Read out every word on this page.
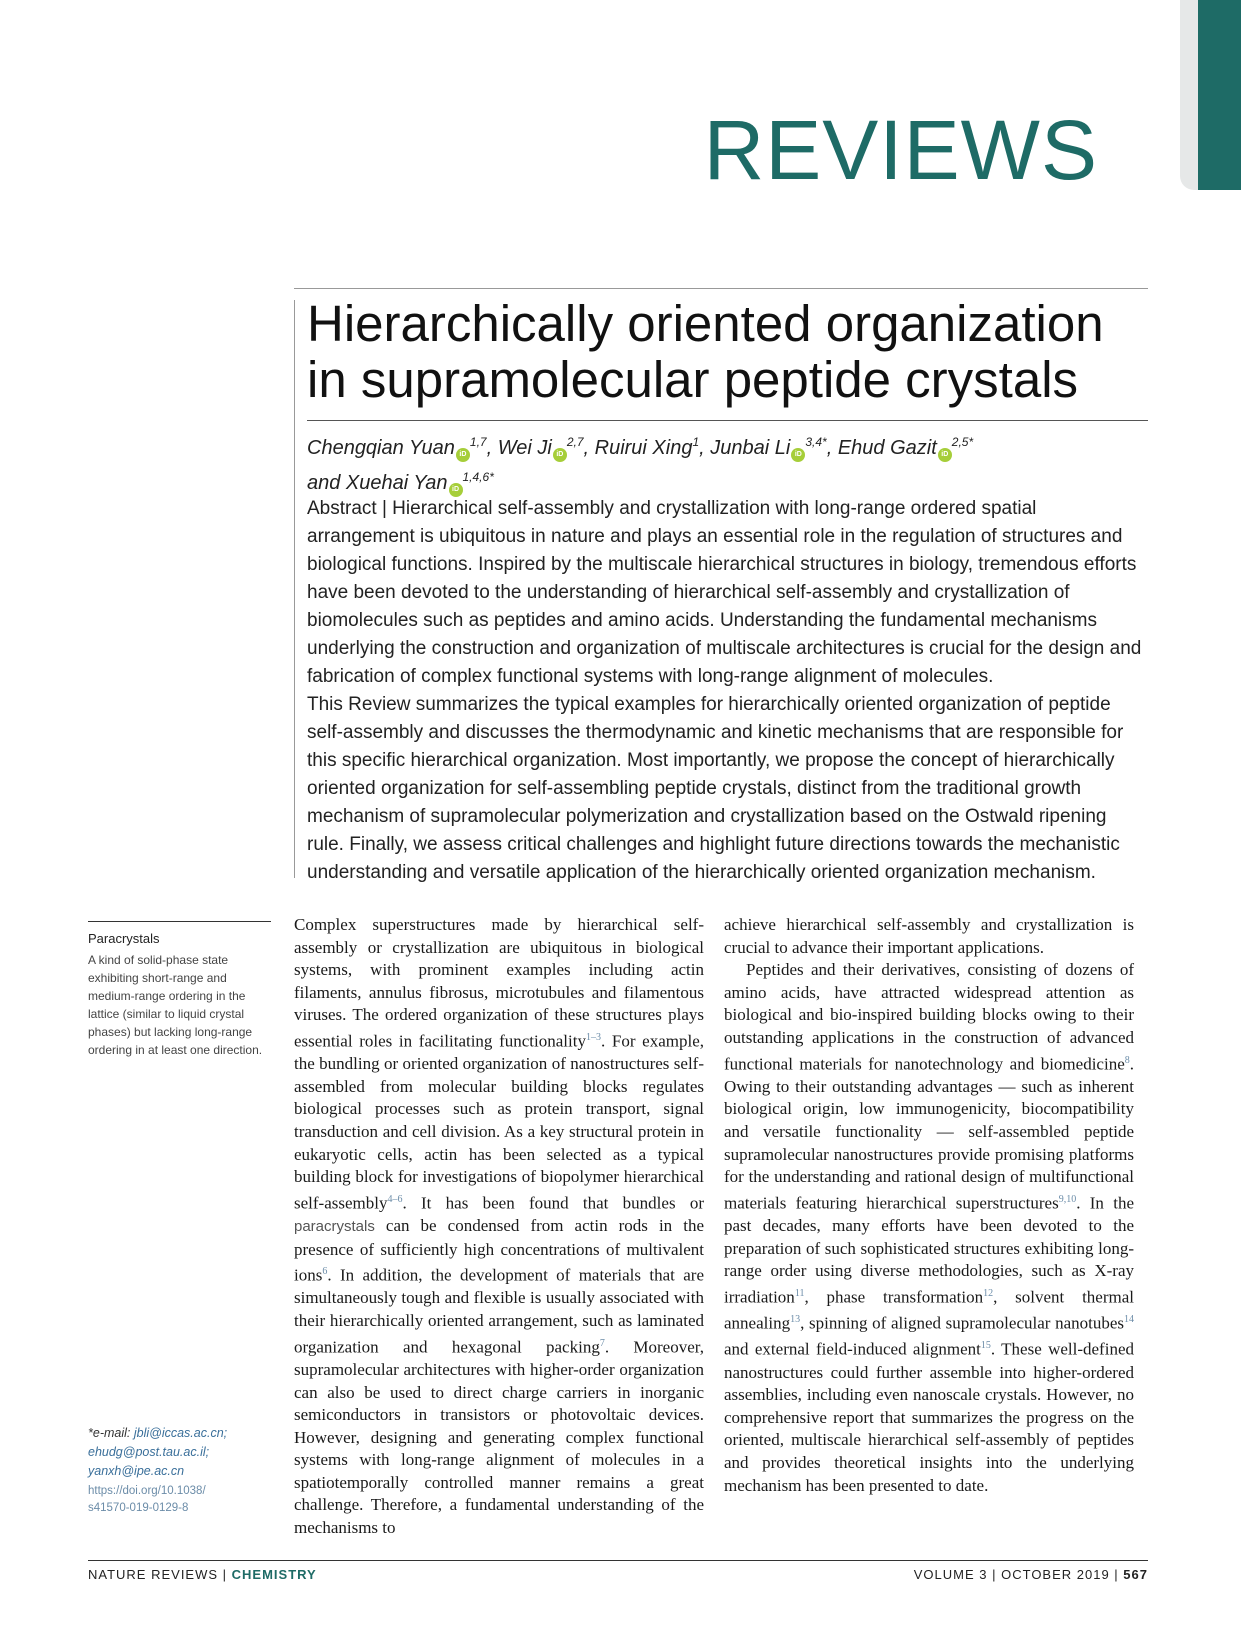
REVIEWS
Hierarchically oriented organization
in supramolecular peptide crystals
Chengqian Yuan iD$^{1,7}$, Wei Ji iD$^{2,7}$, Ruirui Xing$^1$, Junbai Li iD$^{3,4*}$, Ehud Gazit iD$^{2,5*}$
and Xuehai Yan iD$^{1,4,6*}$

Abstract | Hierarchical self-assembly and crystallization with long-range ordered spatial arrangement is ubiquitous in nature and plays an essential role in the regulation of structures and biological functions. Inspired by the multiscale hierarchical structures in biology, tremendous efforts have been devoted to the understanding of hierarchical self-assembly and crystallization of biomolecules such as peptides and amino acids. Understanding the fundamental mechanisms underlying the construction and organization of multiscale architectures is crucial for the design and fabrication of complex functional systems with long-range alignment of molecules.

This Review summarizes the typical examples for hierarchically oriented organization of peptide self-assembly and discusses the thermodynamic and kinetic mechanisms that are responsible for this specific hierarchical organization. Most importantly, we propose the concept of hierarchically oriented organization for self-assembling peptide crystals, distinct from the traditional growth mechanism of supramolecular polymerization and crystallization based on the Ostwald ripening rule. Finally, we assess critical challenges and highlight future directions towards the mechanistic understanding and versatile application of the hierarchically oriented organization mechanism.

Paracrystals
A kind of solid-phase state exhibiting short-range and medium-range ordering in the lattice (similar to liquid crystal phases) but lacking long-range ordering in at least one direction.
*e-mail: jbli@iccas.ac.cn;
ehudg@post.tau.ac.il;
yanxh@ipe.ac.cn
https://doi.org/10.1038/
s41570-019-0129-8

Complex superstructures made by hierarchical self-assembly or crystallization are ubiquitous in biological systems, with prominent examples including actin filaments, annulus fibrosus, microtubules and filamentous viruses. The ordered organization of these structures plays essential roles in facilitating functionality$^{1-3}$. For example, the bundling or oriented organization of nanostructures self-assembled from molecular building blocks regulates biological processes such as protein transport, signal transduction and cell division. As a key structural protein in eukaryotic cells, actin has been selected as a typical building block for investigations of biopolymer hierarchical self-assembly$^{4-6}$. It has been found that bundles or paracrystals can be condensed from actin rods in the presence of sufficiently high concentrations of multivalent ions$^6$. In addition, the development of materials that are simultaneously tough and flexible is usually associated with their hierarchically oriented arrangement, such as laminated organization and hexagonal packing$^7$. Moreover, supramolecular architectures with higher-order organization can also be used to direct charge carriers in inorganic semiconductors in transistors or photovoltaic devices. However, designing and generating complex functional systems with long-range alignment of molecules in a spatiotemporally controlled manner remains a great challenge. Therefore, a fundamental understanding of the mechanisms to

achieve hierarchical self-assembly and crystallization is crucial to advance their important applications.

Peptides and their derivatives, consisting of dozens of amino acids, have attracted widespread attention as biological and bio-inspired building blocks owing to their outstanding applications in the construction of advanced functional materials for nanotechnology and biomedicine$^8$. Owing to their outstanding advantages — such as inherent biological origin, low immunogenicity, biocompatibility and versatile functionality — self-assembled peptide supramolecular nanostructures provide promising platforms for the understanding and rational design of multifunctional materials featuring hierarchical superstructures$^{9,10}$. In the past decades, many efforts have been devoted to the preparation of such sophisticated structures exhibiting long-range order using diverse methodologies, such as X-ray irradiation$^{11}$, phase transformation$^{12}$, solvent thermal annealing$^{13}$, spinning of aligned supramolecular nanotubes$^{14}$ and external field-induced alignment$^{15}$. These well-defined nanostructures could further assemble into higher-ordered assemblies, including even nanoscale crystals. However, no comprehensive report that summarizes the progress on the oriented, multiscale hierarchical self-assembly of peptides and provides theoretical insights into the underlying mechanism has been presented to date.

NATURE REVIEWS | CHEMISTRY	VOLUME 3 | OCTOBER 2019 | 567
